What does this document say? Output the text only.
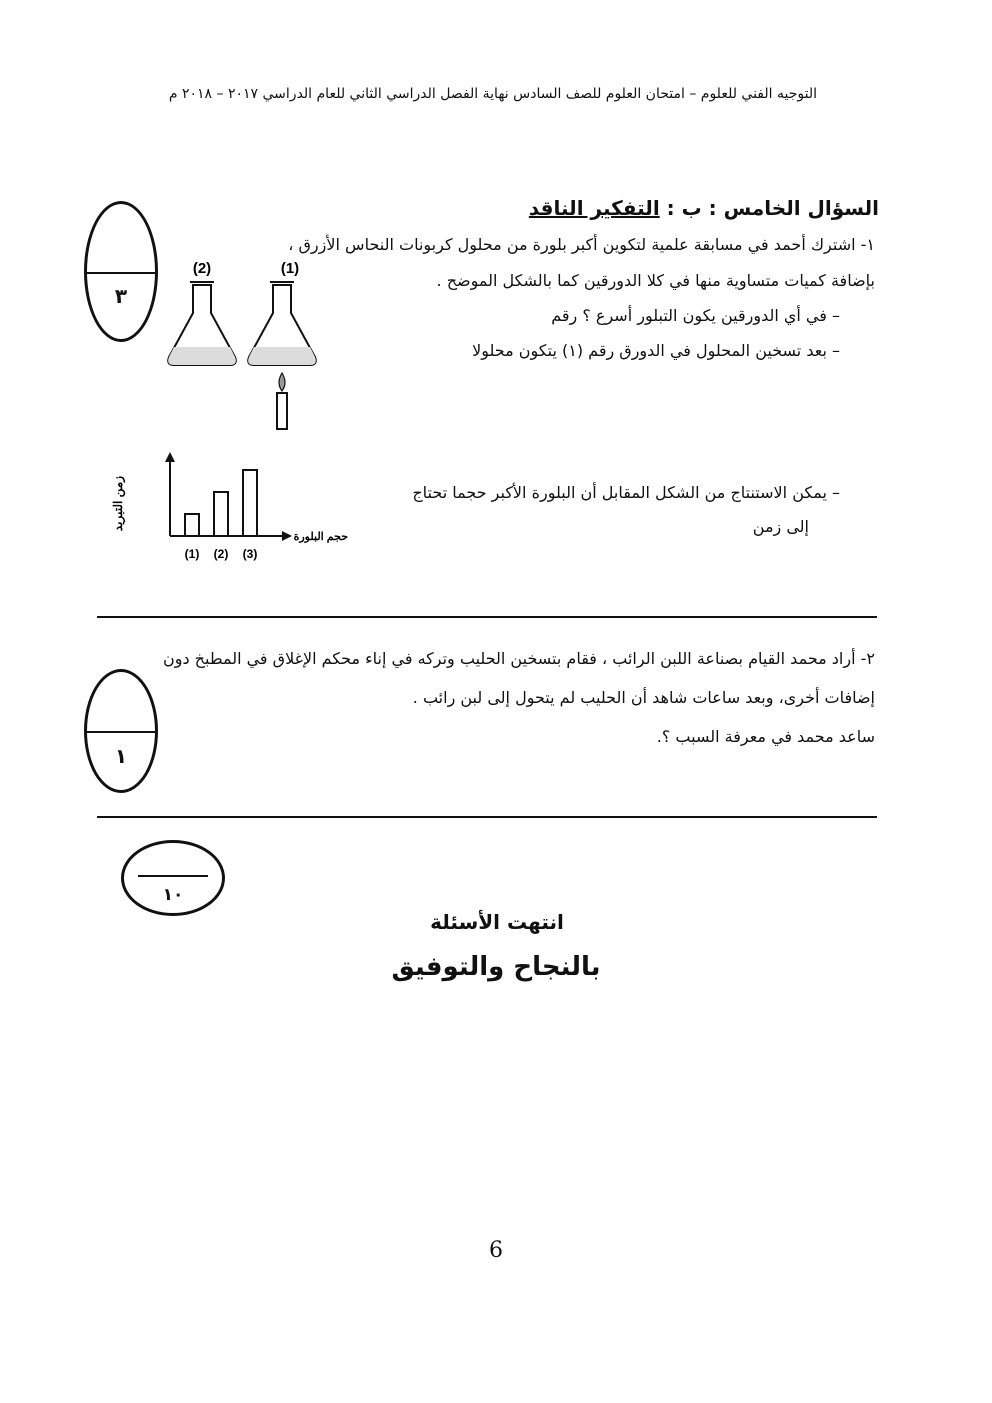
التوجيه الفني للعلوم – امتحان العلوم للصف السادس نهاية الفصل الدراسي الثاني للعام الدراسي ٢٠١٧ – ٢٠١٨ م
السؤال الخامس : ب : التفكير الناقد
٣
١- اشترك أحمد في مسابقة علمية لتكوين أكبر بلورة من محلول كربونات النحاس الأزرق ،
بإضافة كميات متساوية منها في كلا الدورقين كما بالشكل الموضح .
– في أي الدورقين يكون التبلور أسرع ؟ رقم
– بعد تسخين المحلول في الدورق رقم (١) يتكون محلولا
(2)	(1)
زمن التبريد
حجم البلورة
(1) (2) (3)
– يمكن الاستنتاج من الشكل المقابل أن البلورة الأكبر حجما تحتاج
إلى زمن
٢- أراد محمد القيام بصناعة اللبن الرائب ، فقام بتسخين الحليب وتركه في إناء محكم الإغلاق في المطبخ دون
إضافات أخرى، وبعد ساعات شاهد أن الحليب لم يتحول إلى لبن رائب .
ساعد محمد في معرفة السبب ؟.
١
١٠
انتهت الأسئلة
بالنجاح والتوفيق
6
